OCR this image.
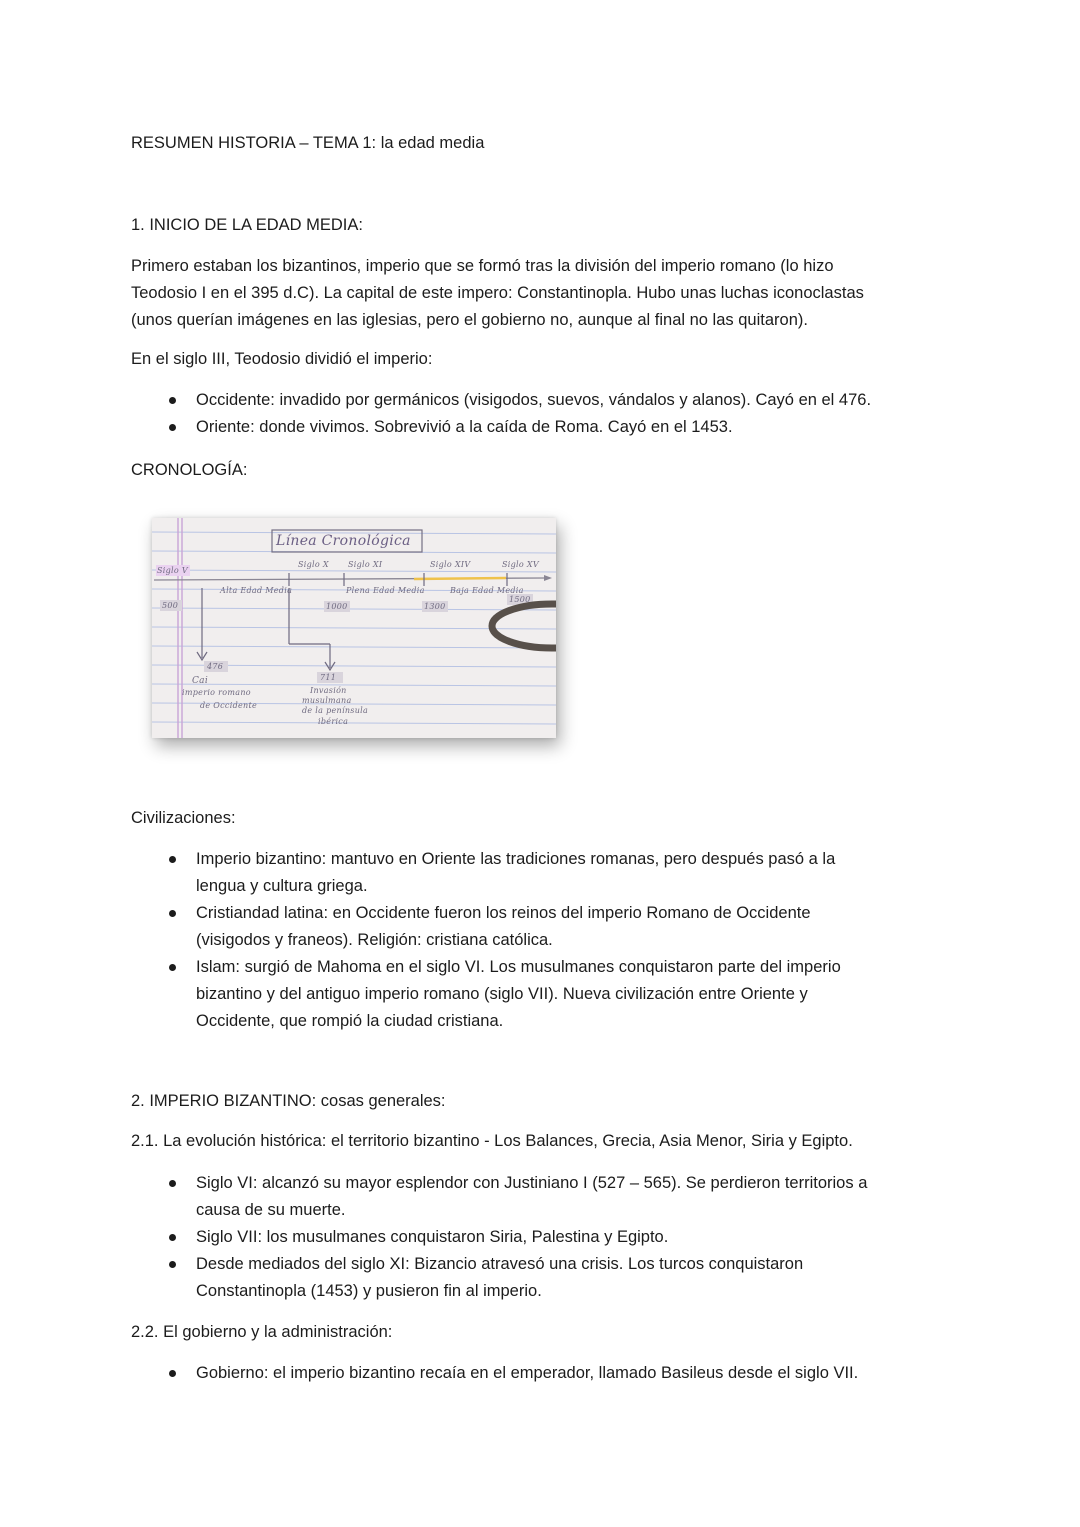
RESUMEN HISTORIA – TEMA 1: la edad media
1. INICIO DE LA EDAD MEDIA:
Primero estaban los bizantinos, imperio que se formó tras la división del imperio romano (lo hizo
Teodosio I en el 395 d.C). La capital de este impero: Constantinopla. Hubo unas luchas iconoclastas
(unos querían imágenes en las iglesias, pero el gobierno no, aunque al final no las quitaron).
En el siglo III, Teodosio dividió el imperio:
Occidente: invadido por germánicos (visigodos, suevos, vándalos y alanos). Cayó en el 476.
Oriente: donde vivimos. Sobrevivió a la caída de Roma. Cayó en el 1453.
CRONOLOGÍA:
Línea Cronológica
Siglo V
500
Siglo X Siglo XI	Siglo XIV	Siglo XV
Alta Edad Media	Plena Edad Media	Baja Edad Media
1000	1300
1500
476
Cai
imperio romano
de Occidente
711
Invasión
musulmana
de la península
ibérica
Civilizaciones:
Imperio bizantino: mantuvo en Oriente las tradiciones romanas, pero después pasó a la
lengua y cultura griega.
Cristiandad latina: en Occidente fueron los reinos del imperio Romano de Occidente
(visigodos y franeos). Religión: cristiana católica.
Islam: surgió de Mahoma en el siglo VI. Los musulmanes conquistaron parte del imperio
bizantino y del antiguo imperio romano (siglo VII). Nueva civilización entre Oriente y
Occidente, que rompió la ciudad cristiana.
2. IMPERIO BIZANTINO: cosas generales:
2.1. La evolución histórica: el territorio bizantino - Los Balances, Grecia, Asia Menor, Siria y Egipto.
Siglo VI: alcanzó su mayor esplendor con Justiniano I (527 – 565). Se perdieron territorios a
causa de su muerte.
Siglo VII: los musulmanes conquistaron Siria, Palestina y Egipto.
Desde mediados del siglo XI: Bizancio atravesó una crisis. Los turcos conquistaron
Constantinopla (1453) y pusieron fin al imperio.
2.2. El gobierno y la administración:
Gobierno: el imperio bizantino recaía en el emperador, llamado Basileus desde el siglo VII.
